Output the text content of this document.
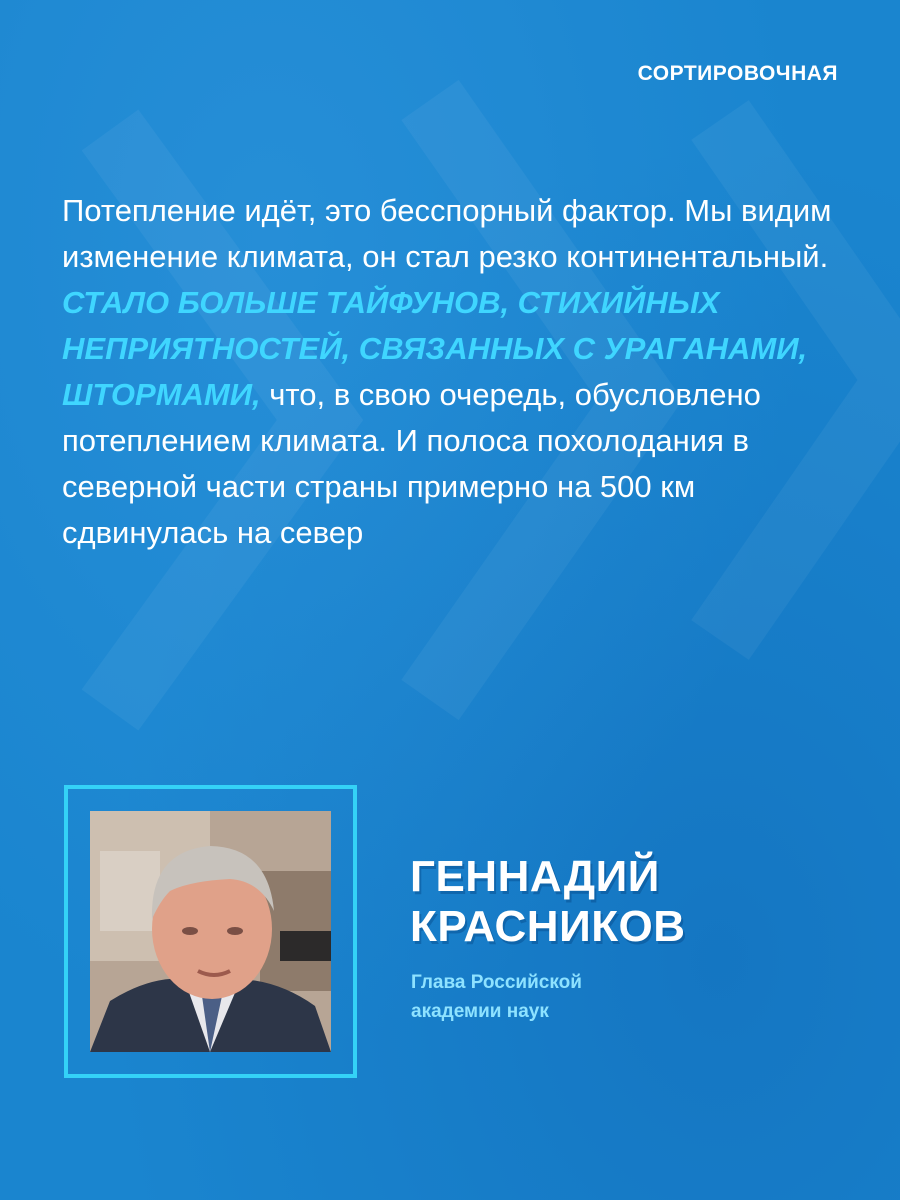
СОРТИРОВОЧНАЯ

Потепление идёт, это бесспорный фактор. Мы видим изменение климата, он стал резко континентальный. СТАЛО БОЛЬШЕ ТАЙФУНОВ, СТИХИЙНЫХ НЕПРИЯТНОСТЕЙ, СВЯЗАННЫХ С УРАГАНАМИ, ШТОРМАМИ, что, в свою очередь, обусловлено потеплением климата. И полоса похолодания в северной части страны примерно на 500 км сдвинулась на север

ГЕННАДИЙ
КРАСНИКОВ
Глава Российской академии наук
